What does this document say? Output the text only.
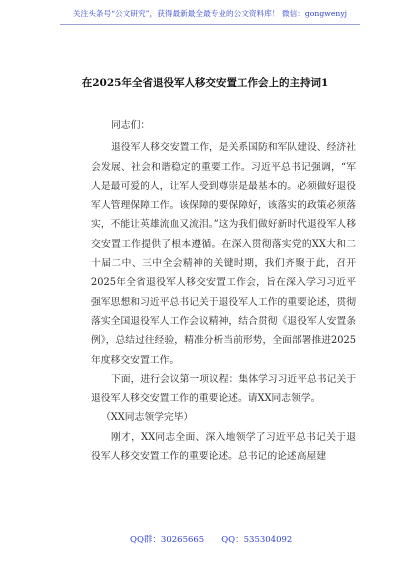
关注头条号“公文研究”，获得最新最全最专业的公文资料库！ 微信：gongwenyj
在2025年全省退役军人移交安置工作会上的主持词1

同志们：

退役军人移交安置工作，是关系国防和军队建设、经济社会发展、社会和谐稳定的重要工作。习近平总书记强调，“军人是最可爱的人，让军人受到尊崇是最基本的。必须做好退役军人管理保障工作。该保障的要保障好，该落实的政策必须落实，不能让英雄流血又流泪。”这为我们做好新时代退役军人移交安置工作提供了根本遵循。在深入贯彻落实党的XX大和二十届二中、三中全会精神的关键时期，我们齐聚于此，召开2025年全省退役军人移交安置工作会，旨在深入学习习近平强军思想和习近平总书记关于退役军人工作的重要论述，贯彻落实全国退役军人工作会议精神，结合贯彻《退役军人安置条例》，总结过往经验，精准分析当前形势，全面部署推进2025年度移交安置工作。

下面，进行会议第一项议程：集体学习习近平总书记关于退役军人移交安置工作的重要论述。请XX同志领学。

（XX同志领学完毕）

刚才，XX同志全面、深入地领学了习近平总书记关于退役军人移交安置工作的重要论述。总书记的论述高屋建

QQ群：30265665　　QQ：535304092
